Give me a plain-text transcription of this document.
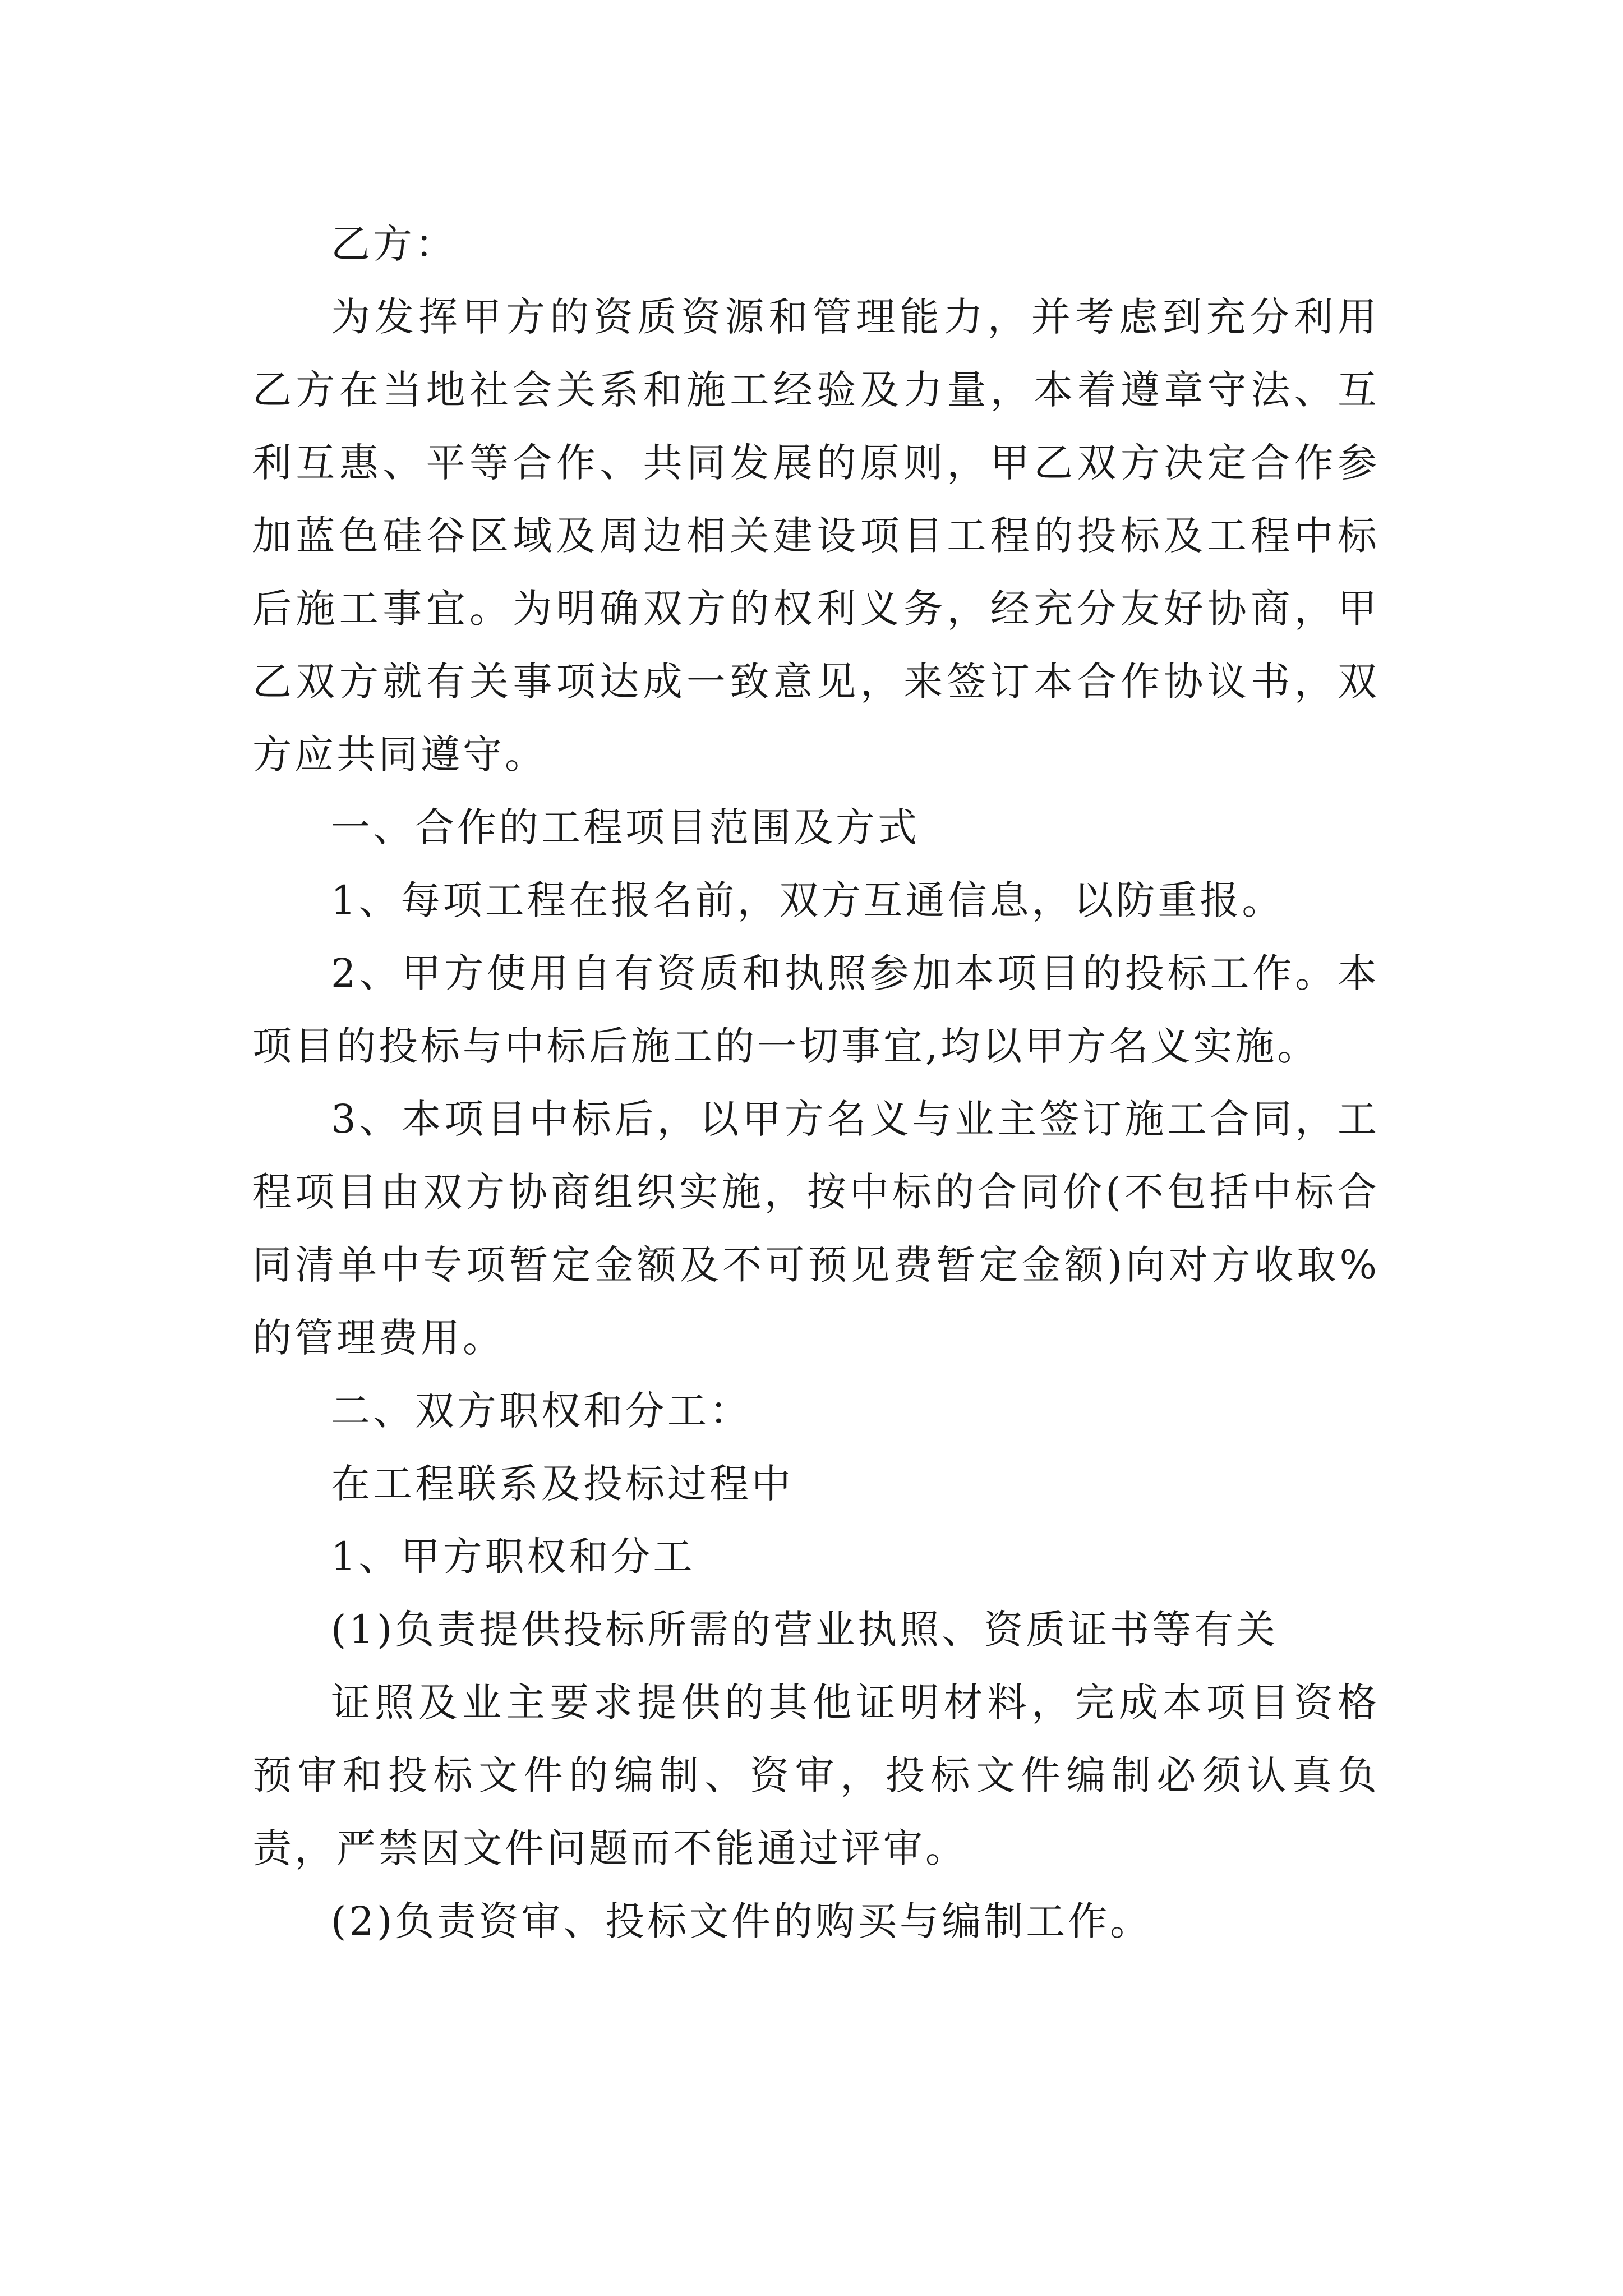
乙方：

为发挥甲方的资质资源和管理能力，并考虑到充分利用乙方在当地社会关系和施工经验及力量，本着遵章守法、互利互惠、平等合作、共同发展的原则，甲乙双方决定合作参加蓝色硅谷区域及周边相关建设项目工程的投标及工程中标后施工事宜。为明确双方的权利义务，经充分友好协商，甲乙双方就有关事项达成一致意见，来签订本合作协议书，双方应共同遵守。

一、合作的工程项目范围及方式

1、每项工程在报名前，双方互通信息，以防重报。

2、甲方使用自有资质和执照参加本项目的投标工作。本项目的投标与中标后施工的一切事宜,均以甲方名义实施。

3、本项目中标后，以甲方名义与业主签订施工合同，工程项目由双方协商组织实施，按中标的合同价(不包括中标合同清单中专项暂定金额及不可预见费暂定金额)向对方收取%的管理费用。

二、双方职权和分工：

在工程联系及投标过程中

1、甲方职权和分工

(1)负责提供投标所需的营业执照、资质证书等有关

证照及业主要求提供的其他证明材料，完成本项目资格预审和投标文件的编制、资审，投标文件编制必须认真负责，严禁因文件问题而不能通过评审。

(2)负责资审、投标文件的购买与编制工作。
